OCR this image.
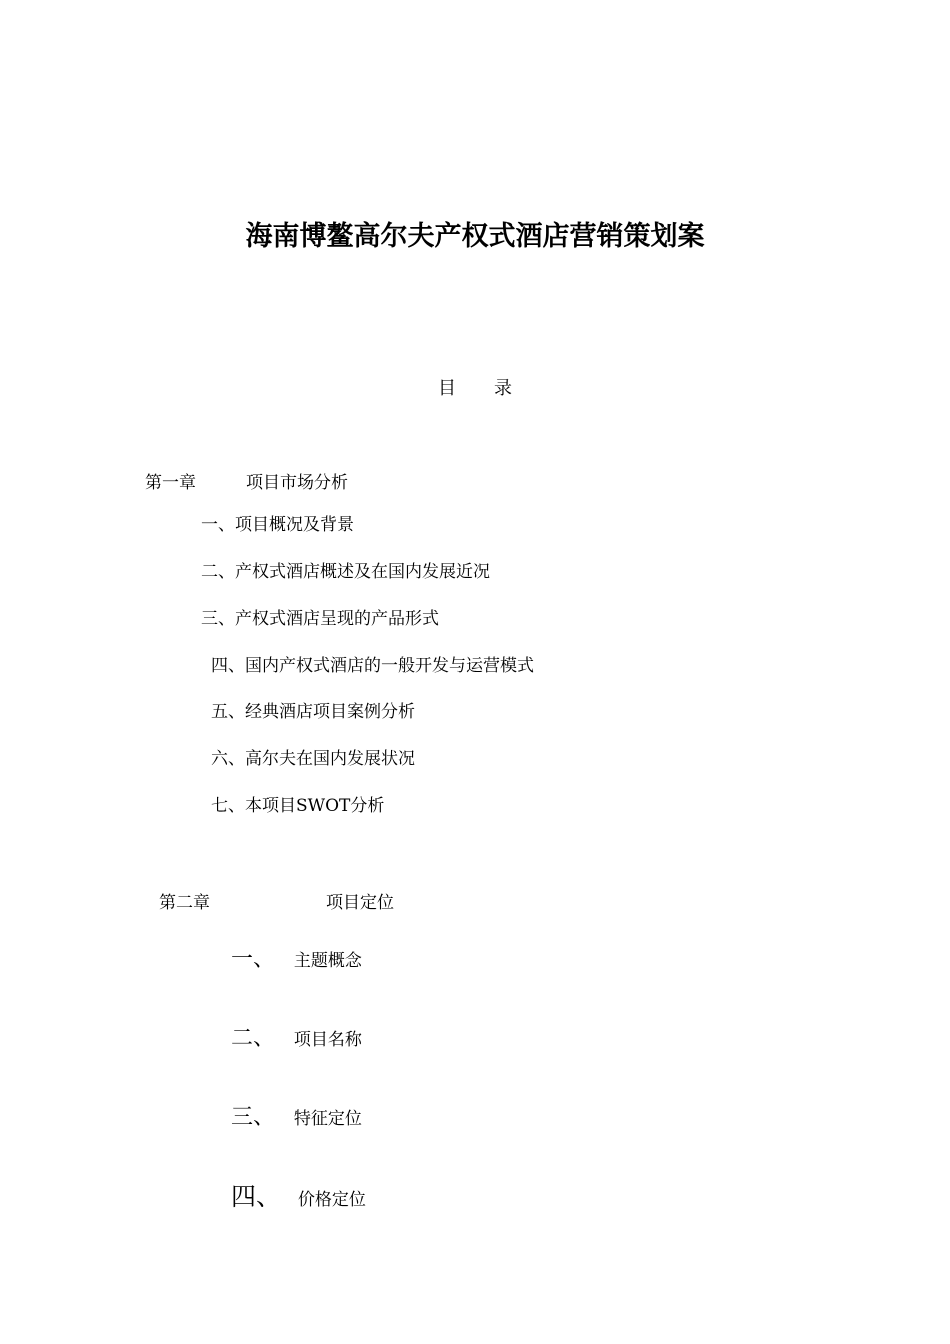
海南博鳌高尔夫产权式酒店营销策划案
目 录
第一章	项目市场分析
一、项目概况及背景
二、产权式酒店概述及在国内发展近况
三、产权式酒店呈现的产品形式
四、国内产权式酒店的一般开发与运营模式
五、经典酒店项目案例分析
六、高尔夫在国内发展状况
七、本项目SWOT分析
第二章	项目定位
一、 主题概念
二、 项目名称
三、 特征定位
四、 价格定位
